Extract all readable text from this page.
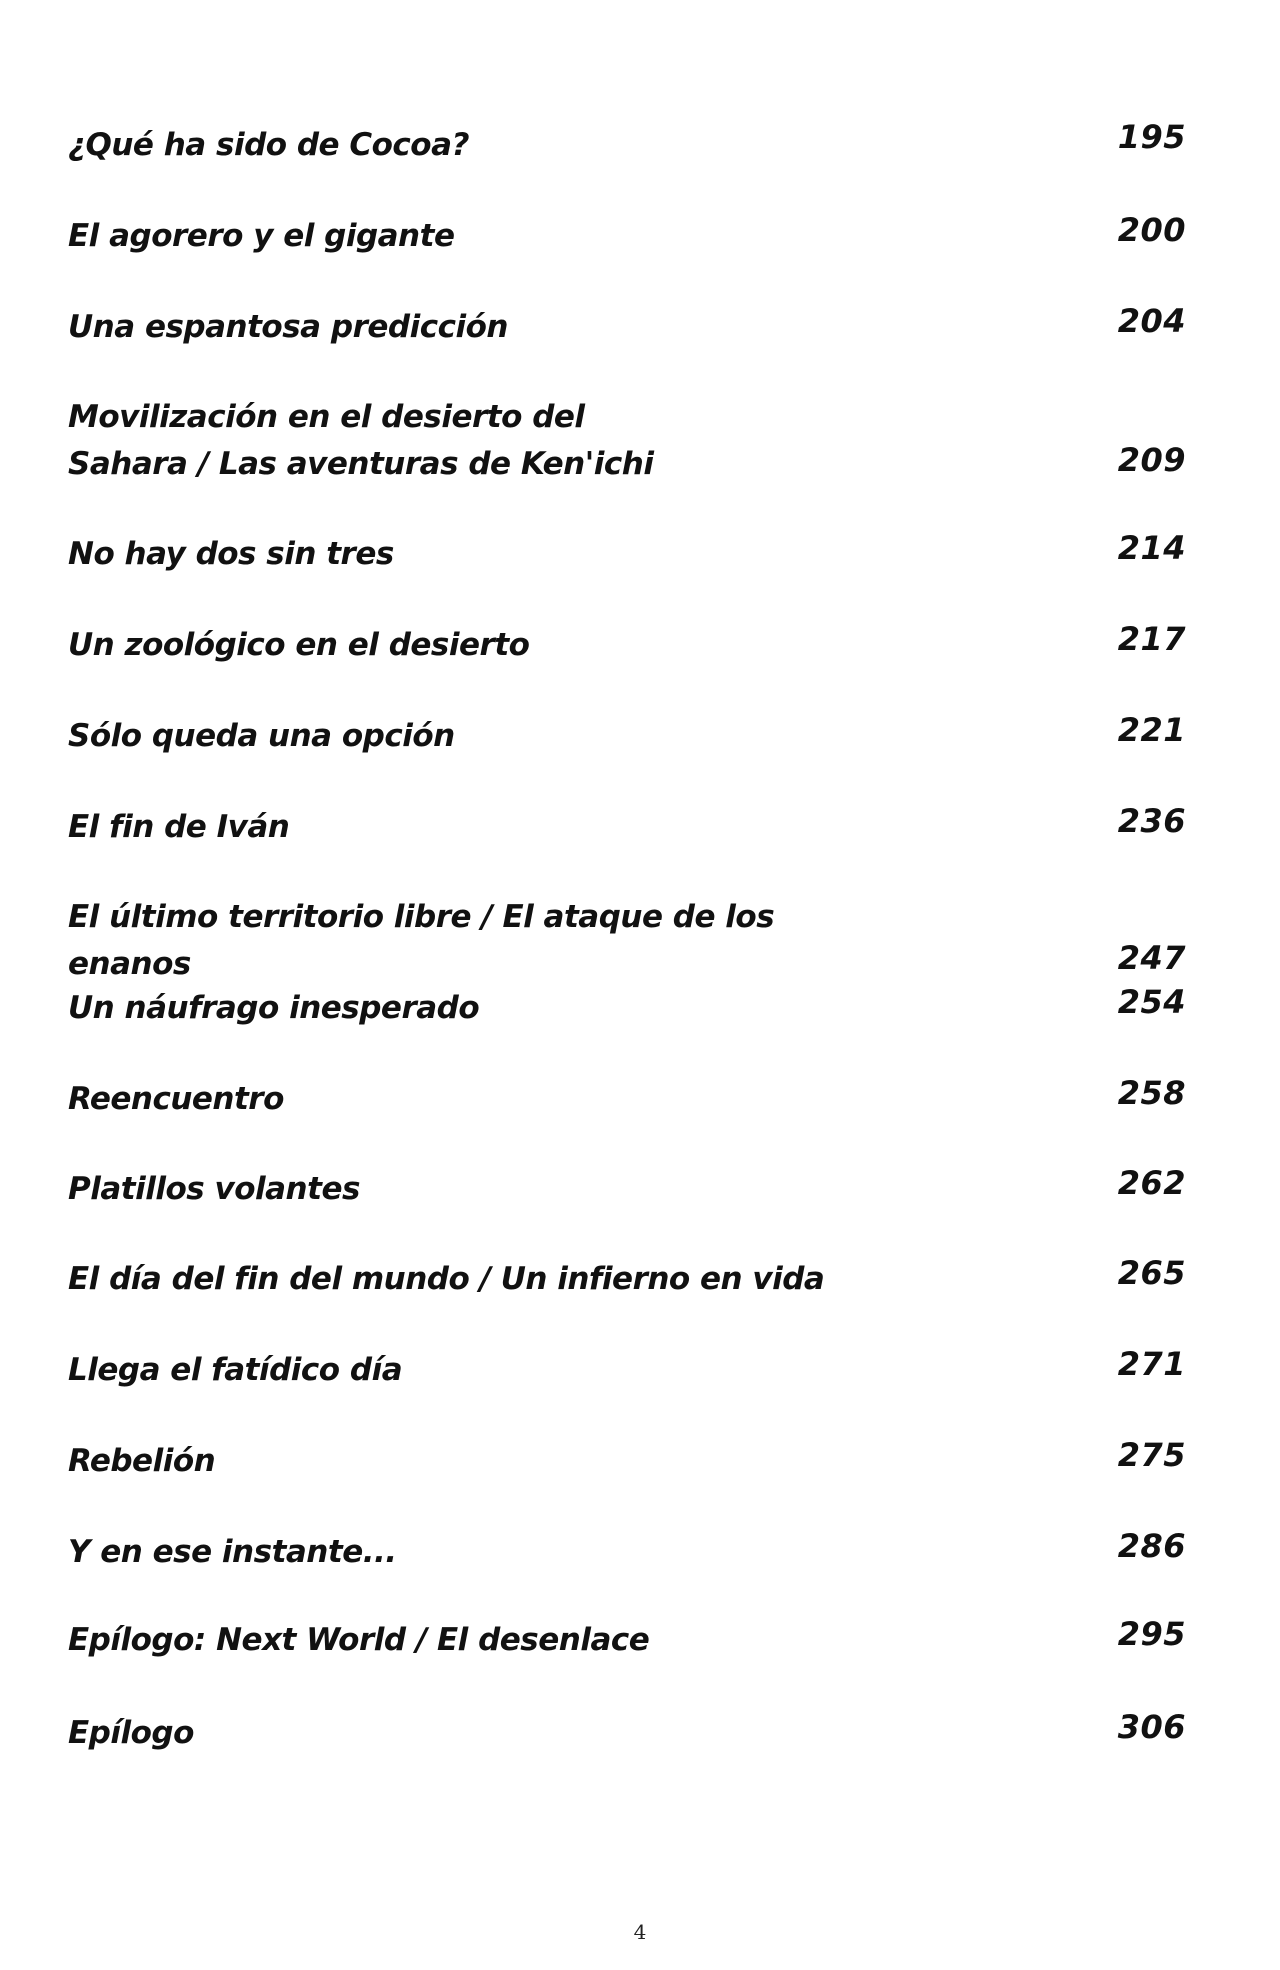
¿Qué ha sido de Cocoa?	195
El agorero y el gigante	200
Una espantosa predicción	204
Movilización en el desierto del
Sahara / Las aventuras de Ken'ichi	209
No hay dos sin tres	214
Un zoológico en el desierto	217
Sólo queda una opción	221
El fin de Iván	236
El último territorio libre / El ataque de los enanos	247
Un náufrago inesperado	254
Reencuentro	258
Platillos volantes	262
El día del fin del mundo / Un infierno en vida	265
Llega el fatídico día	271
Rebelión	275
Y en ese instante...	286
Epílogo: Next World / El desenlace	295
Epílogo	306
4
